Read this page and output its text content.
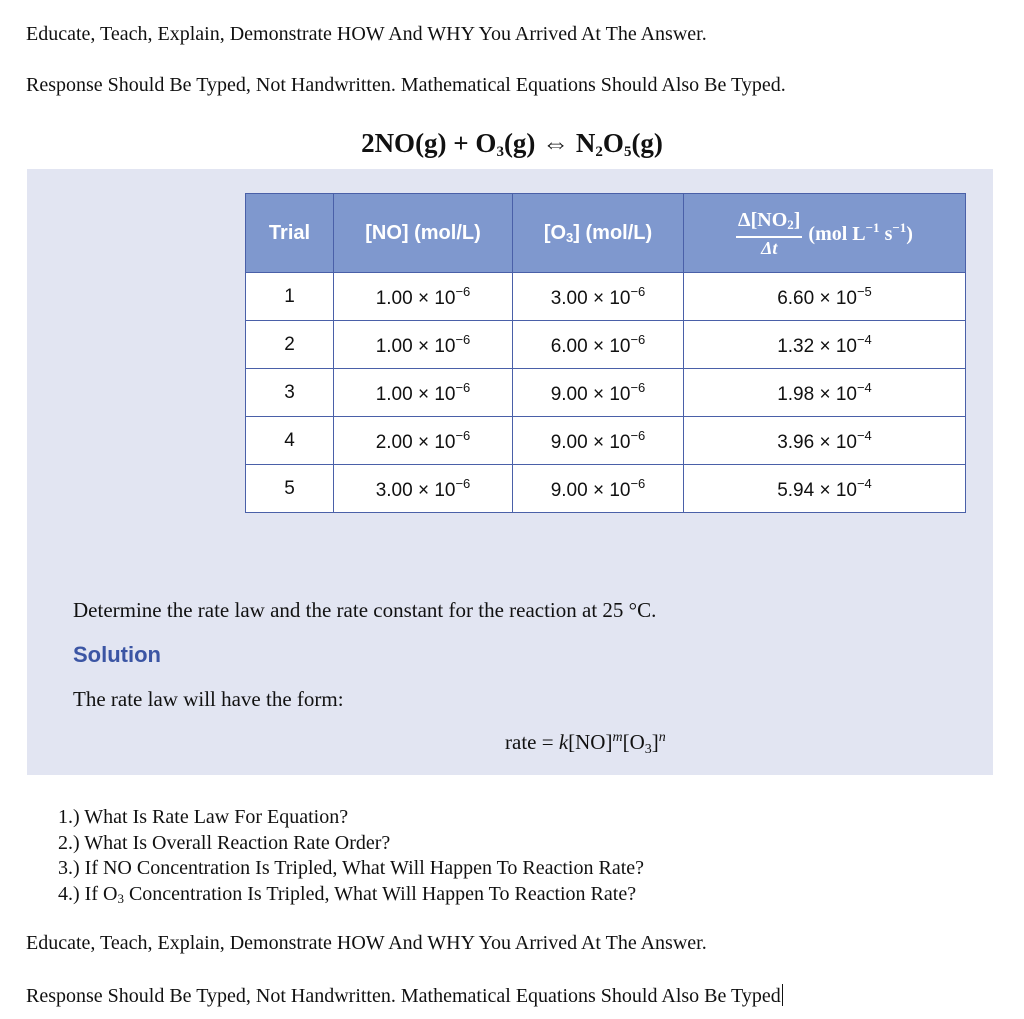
Educate, Teach, Explain, Demonstrate HOW And WHY You Arrived At The Answer.
Response Should Be Typed, Not Handwritten. Mathematical Equations Should Also Be Typed.
$2NO(g) + O_3(g)$ ⇔ $N_2O_5(g)$
Trial	[NO] (mol/L)	$[O_3]$ (mol/L)	$\frac{\Delta[NO_2]}{\Delta t} (mol$ $L^{-1}$ $s^{-1}$)
1	$1.00 \times 10^{-6}$	$3.00 \times 10^{-6}$	$6.60 \times 10^{-5}$
2	$1.00 \times 10^{-6}$	$6.00 \times 10^{-6}$	$1.32 \times 10^{-4}$
3	$1.00 \times 10^{-6}$	$9.00 \times 10^{-6}$	$1.98 \times 10^{-4}$
4	$2.00 \times 10^{-6}$	$9.00 \times 10^{-6}$	$3.96 \times 10^{-4}$
5	$3.00 \times 10^{-6}$	$9.00 \times 10^{-6}$	$5.94 \times 10^{-4}$
Determine the rate law and the rate constant for the reaction at 25 °C.
Solution
The rate law will have the form:
rate = $k[NO]^m[O_3]^n$
1.) What Is Rate Law For Equation?
2.) What Is Overall Reaction Rate Order?
3.) If NO Concentration Is Tripled, What Will Happen To Reaction Rate?
4.) If $O_3$ Concentration Is Tripled, What Will Happen To Reaction Rate?
Educate, Teach, Explain, Demonstrate HOW And WHY You Arrived At The Answer.
Response Should Be Typed, Not Handwritten. Mathematical Equations Should Also Be Typed
